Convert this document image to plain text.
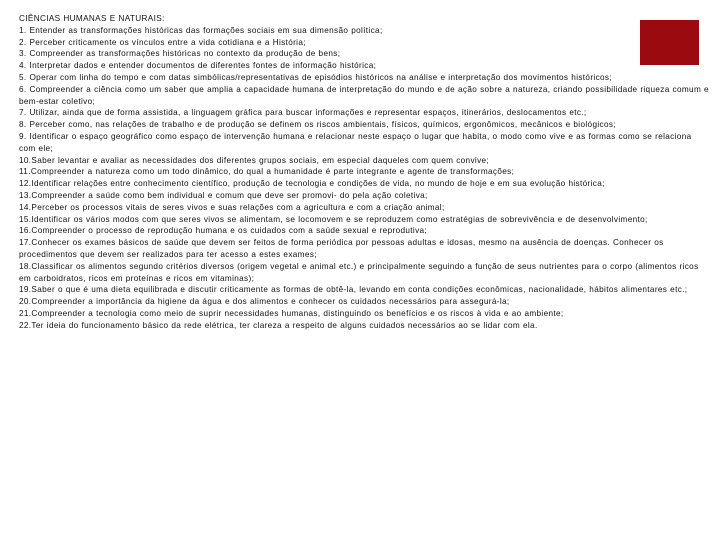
CIÊNCIAS HUMANAS E NATURAIS:

1. Entender as transformações históricas das formações sociais em sua dimensão política;

2. Perceber criticamente os vínculos entre a vida cotidiana e a História;

3. Compreender as transformações históricas no contexto da produção de bens;

4. Interpretar dados e entender documentos de diferentes fontes de informação histórica;

5. Operar com linha do tempo e com datas simbólicas/representativas de episódios históricos na análise e interpretação dos movimentos históricos;

6. Compreender a ciência como um saber que amplia a capacidade humana de interpretação do mundo e de ação sobre a natureza, criando possibilidade riqueza comum e bem-estar coletivo;

7. Utilizar, ainda que de forma assistida, a linguagem gráfica para buscar informações e representar espaços, itinerários, deslocamentos etc.;

8. Perceber como, nas relações de trabalho e de produção se definem os riscos ambientais, físicos, químicos, ergonômicos, mecânicos e biológicos;

9. Identificar o espaço geográfico como espaço de intervenção humana e relacionar neste espaço o lugar que habita, o modo como vive e as formas como se relaciona com ele;

10.Saber levantar e avaliar as necessidades dos diferentes grupos sociais, em especial daqueles com quem convive;

11.Compreender a natureza como um todo dinâmico, do qual a humanidade é parte integrante e agente de transformações;

12.Identificar relações entre conhecimento científico, produção de tecnologia e condições de vida, no mundo de hoje e em sua evolução histórica;

13.Compreender a saúde como bem individual e comum que deve ser promovi- do pela ação coletiva;

14.Perceber os processos vitais de seres vivos e suas relações com a agricultura e com a criação animal;

15.Identificar os vários modos com que seres vivos se alimentam, se locomovem e se reproduzem como estratégias de sobrevivência e de desenvolvimento;

16.Compreender o processo de reprodução humana e os cuidados com a saúde sexual e reprodutiva;

17.Conhecer os exames básicos de saúde que devem ser feitos de forma periódica por pessoas adultas e idosas, mesmo na ausência de doenças. Conhecer os procedimentos que devem ser realizados para ter acesso a estes exames;

18.Classificar os alimentos segundo critérios diversos (origem vegetal e animal etc.) e principalmente seguindo a função de seus nutrientes para o corpo (alimentos ricos em carboidratos, ricos em proteínas e ricos em vitaminas);

19.Saber o que é uma dieta equilibrada e discutir criticamente as formas de obtê-la, levando em conta condições econômicas, nacionalidade, hábitos alimentares etc.;

20.Compreender a importância da higiene da água e dos alimentos e conhecer os cuidados necessários para assegurá-la;

21.Compreender a tecnologia como meio de suprir necessidades humanas, distinguindo os benefícios e os riscos à vida e ao ambiente;

22.Ter ideia do funcionamento básico da rede elétrica, ter clareza a respeito de alguns cuidados necessários ao se lidar com ela.
